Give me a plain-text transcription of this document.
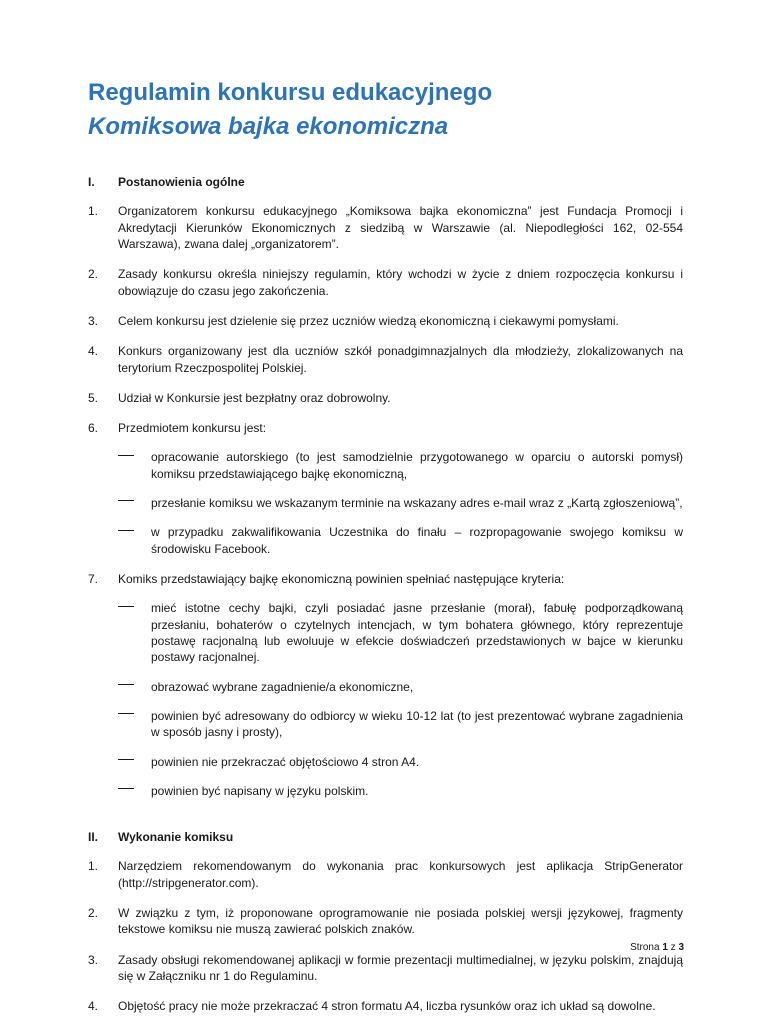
Regulamin konkursu edukacyjnego
Komiksowa bajka ekonomiczna
I.	Postanowienia ogólne
1.	Organizatorem konkursu edukacyjnego „Komiksowa bajka ekonomiczna” jest Fundacja Promocji i Akredytacji Kierunków Ekonomicznych z siedzibą w Warszawie (al. Niepodległości 162, 02-554 Warszawa), zwana dalej „organizatorem”.
2.	Zasady konkursu określa niniejszy regulamin, który wchodzi w życie z dniem rozpoczęcia konkursu i obowiązuje do czasu jego zakończenia.
3.	Celem konkursu jest dzielenie się przez uczniów wiedzą ekonomiczną i ciekawymi pomysłami.
4.	Konkurs organizowany jest dla uczniów szkół ponadgimnazjalnych dla młodzieży, zlokalizowanych na terytorium Rzeczpospolitej Polskiej.
5.	Udział w Konkursie jest bezpłatny oraz dobrowolny.
6.	Przedmiotem konkursu jest:
opracowanie autorskiego (to jest samodzielnie przygotowanego w oparciu o autorski pomysł) komiksu przedstawiającego bajkę ekonomiczną,
przesłanie komiksu we wskazanym terminie na wskazany adres e-mail wraz z „Kartą zgłoszeniową”,
w przypadku zakwalifikowania Uczestnika do finału – rozpropagowanie swojego komiksu w środowisku Facebook.
7.	Komiks przedstawiający bajkę ekonomiczną powinien spełniać następujące kryteria:
mieć istotne cechy bajki, czyli posiadać jasne przesłanie (morał), fabułę podporządkowaną przesłaniu, bohaterów o czytelnych intencjach, w tym bohatera głównego, który reprezentuje postawę racjonalną lub ewoluuje w efekcie doświadczeń przedstawionych w bajce w kierunku postawy racjonalnej.
obrazować wybrane zagadnienie/a ekonomiczne,
powinien być adresowany do odbiorcy w wieku 10-12 lat (to jest prezentować wybrane zagadnienia w sposób jasny i prosty),
powinien nie przekraczać objętościowo 4 stron A4.
powinien być napisany w języku polskim.
II.	Wykonanie komiksu
1.	Narzędziem rekomendowanym do wykonania prac konkursowych jest aplikacja StripGenerator (http://stripgenerator.com).
2.	W związku z tym, iż proponowane oprogramowanie nie posiada polskiej wersji językowej, fragmenty tekstowe komiksu nie muszą zawierać polskich znaków.
3.	Zasady obsługi rekomendowanej aplikacji w formie prezentacji multimedialnej, w języku polskim, znajdują się w Załączniku nr 1 do Regulaminu.
4.	Objętość pracy nie może przekraczać 4 stron formatu A4, liczba rysunków oraz ich układ są dowolne.
Strona 1 z 3
